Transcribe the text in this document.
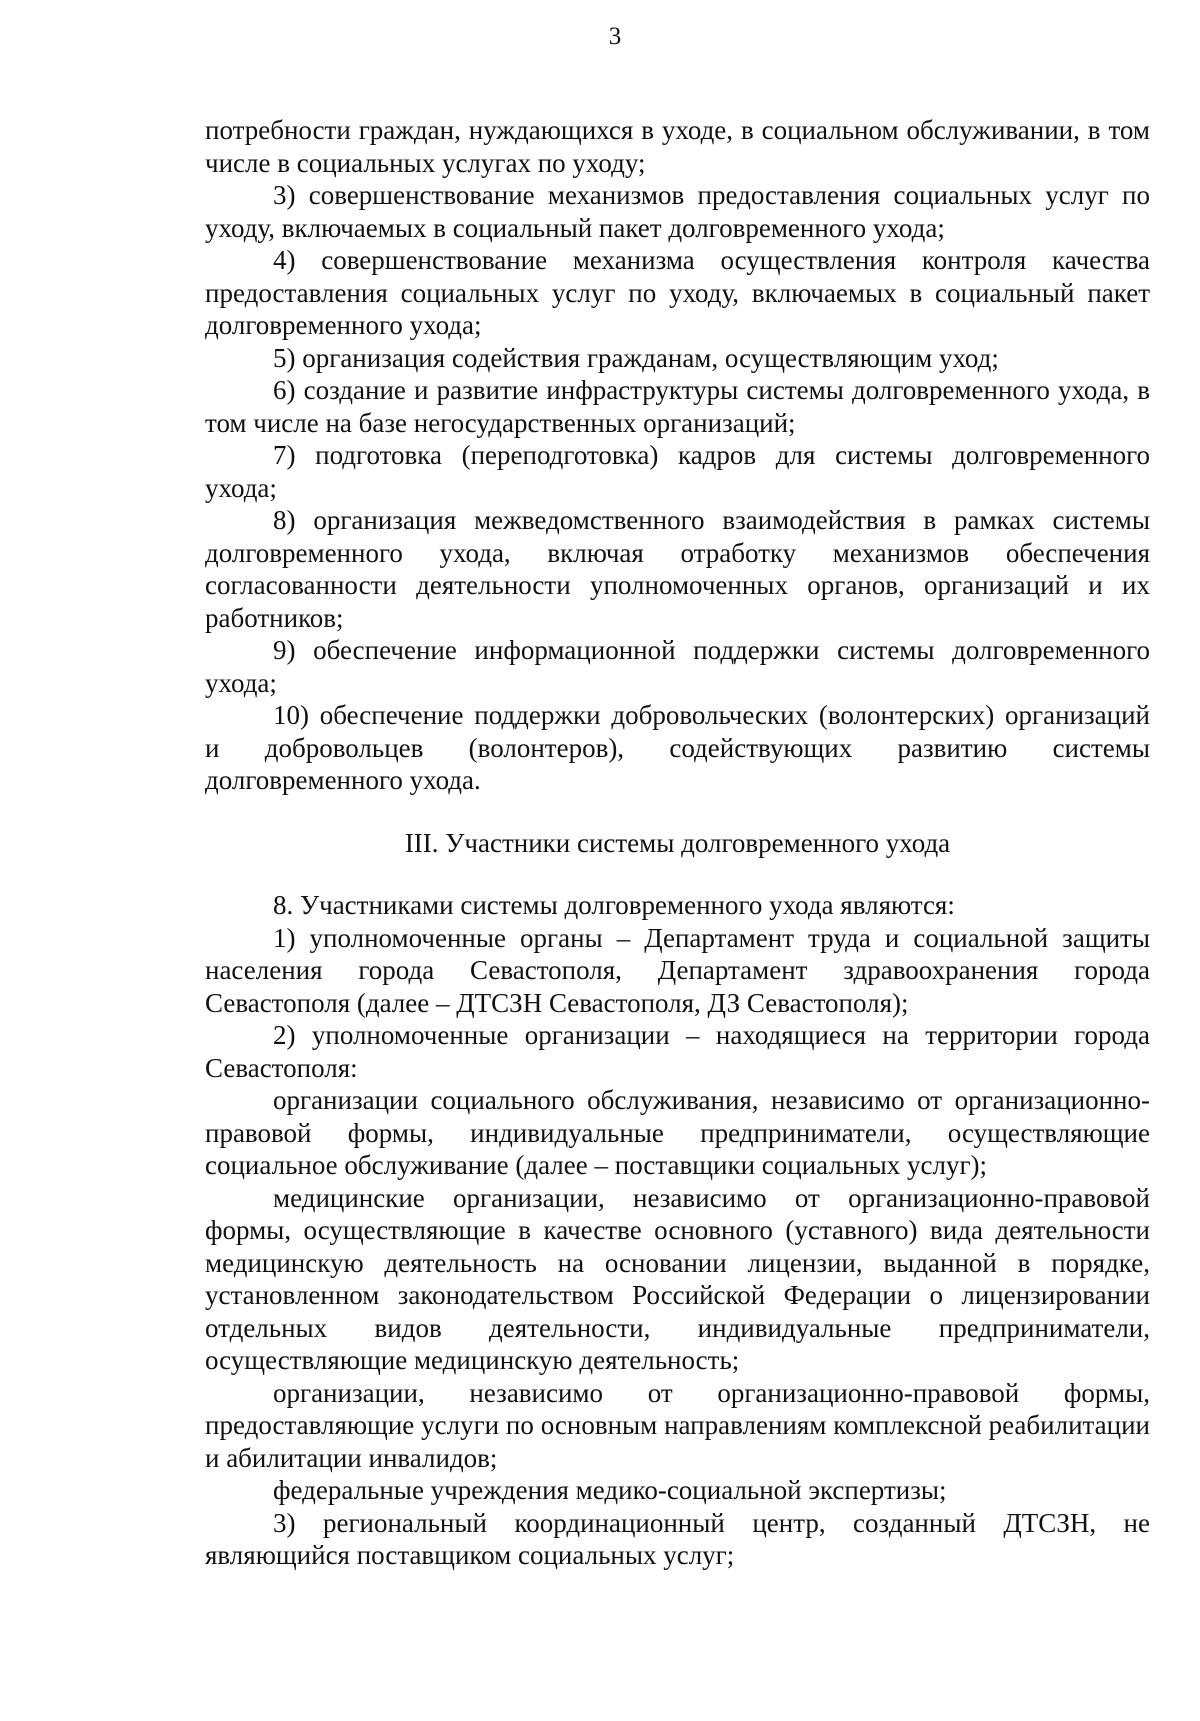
3

потребности граждан, нуждающихся в уходе, в социальном обслуживании, в том числе в социальных услугах по уходу;

3) совершенствование механизмов предоставления социальных услуг по уходу, включаемых в социальный пакет долговременного ухода;

4) совершенствование механизма осуществления контроля качества предоставления социальных услуг по уходу, включаемых в социальный пакет долговременного ухода;

5) организация содействия гражданам, осуществляющим уход;

6) создание и развитие инфраструктуры системы долговременного ухода, в том числе на базе негосударственных организаций;

7) подготовка (переподготовка) кадров для системы долговременного ухода;

8) организация межведомственного взаимодействия в рамках системы долговременного ухода, включая отработку механизмов обеспечения согласованности деятельности уполномоченных органов, организаций и их работников;

9) обеспечение информационной поддержки системы долговременного ухода;

10) обеспечение поддержки добровольческих (волонтерских) организаций и добровольцев (волонтеров), содействующих развитию системы долговременного ухода.

III. Участники системы долговременного ухода

8. Участниками системы долговременного ухода являются:

1) уполномоченные органы – Департамент труда и социальной защиты населения города Севастополя, Департамент здравоохранения города Севастополя (далее – ДТСЗН Севастополя, ДЗ Севастополя);

2) уполномоченные организации – находящиеся на территории города Севастополя:

организации социального обслуживания, независимо от организационно-правовой формы, индивидуальные предприниматели, осуществляющие социальное обслуживание (далее – поставщики социальных услуг);

медицинские организации, независимо от организационно-правовой формы, осуществляющие в качестве основного (уставного) вида деятельности медицинскую деятельность на основании лицензии, выданной в порядке, установленном законодательством Российской Федерации о лицензировании отдельных видов деятельности, индивидуальные предприниматели, осуществляющие медицинскую деятельность;

организации, независимо от организационно-правовой формы, предоставляющие услуги по основным направлениям комплексной реабилитации и абилитации инвалидов;

федеральные учреждения медико-социальной экспертизы;

3) региональный координационный центр, созданный ДТСЗН, не являющийся поставщиком социальных услуг;
